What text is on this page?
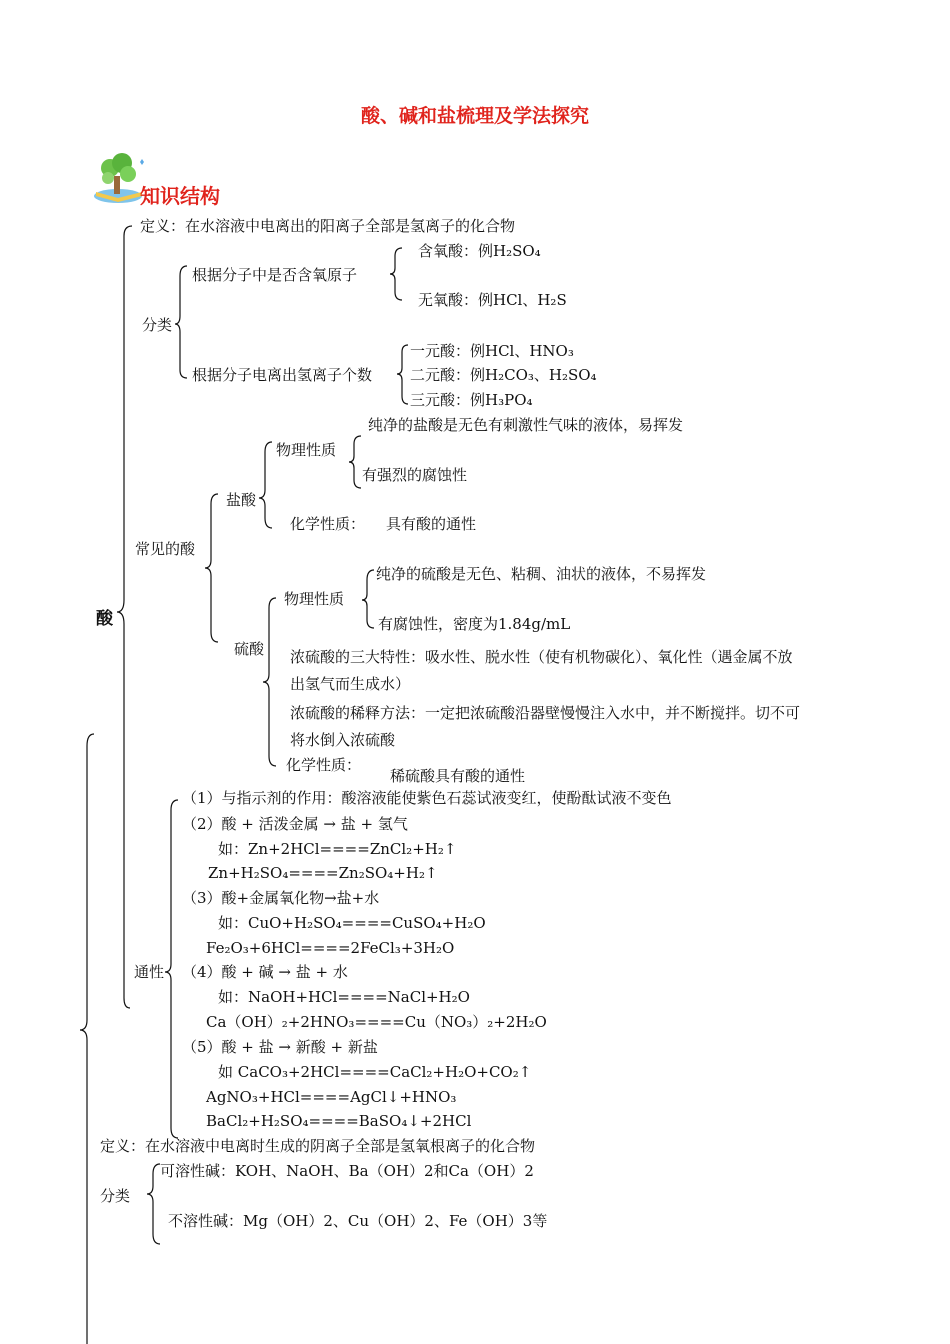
酸、碱和盐梳理及学法探究
知识结构
酸
定义：在水溶液中电离出的阳离子全部是氢离子的化合物
分类
根据分子中是否含氧原子
含氧酸：例H₂SO₄
无氧酸：例HCl、H₂S
根据分子电离出氢离子个数
一元酸：例HCl、HNO₃
二元酸：例H₂CO₃、H₂SO₄
三元酸：例H₃PO₄
常见的酸
盐酸
物理性质
纯净的盐酸是无色有刺激性气味的液体，易挥发
有强烈的腐蚀性
化学性质： 具有酸的通性
硫酸
物理性质
纯净的硫酸是无色、粘稠、油状的液体，不易挥发
有腐蚀性，密度为1.84g/mL
浓硫酸的三大特性：吸水性、脱水性（使有机物碳化）、氧化性（遇金属不放
出氢气而生成水）
浓硫酸的稀释方法：一定把浓硫酸沿器壁慢慢注入水中，并不断搅拌。切不可
将水倒入浓硫酸
化学性质：
稀硫酸具有酸的通性
通性
（1）与指示剂的作用：酸溶液能使紫色石蕊试液变红，使酚酞试液不变色
（2）酸 + 活泼金属 → 盐 + 氢气
如：Zn+2HCl====ZnCl₂+H₂↑
Zn+H₂SO₄====Zn₂SO₄+H₂↑
（3）酸+金属氧化物→盐+水
如：CuO+H₂SO₄====CuSO₄+H₂O
Fe₂O₃+6HCl====2FeCl₃+3H₂O
（4）酸 + 碱 → 盐 + 水
如：NaOH+HCl====NaCl+H₂O
Ca（OH）₂+2HNO₃====Cu（NO₃）₂+2H₂O
（5）酸 + 盐 → 新酸 + 新盐
如 CaCO₃+2HCl====CaCl₂+H₂O+CO₂↑
AgNO₃+HCl====AgCl↓+HNO₃
BaCl₂+H₂SO₄====BaSO₄↓+2HCl
定义：在水溶液中电离时生成的阴离子全部是氢氧根离子的化合物
分类
可溶性碱：KOH、NaOH、Ba（OH）2和Ca（OH）2
不溶性碱：Mg（OH）2、Cu（OH）2、Fe（OH）3等
